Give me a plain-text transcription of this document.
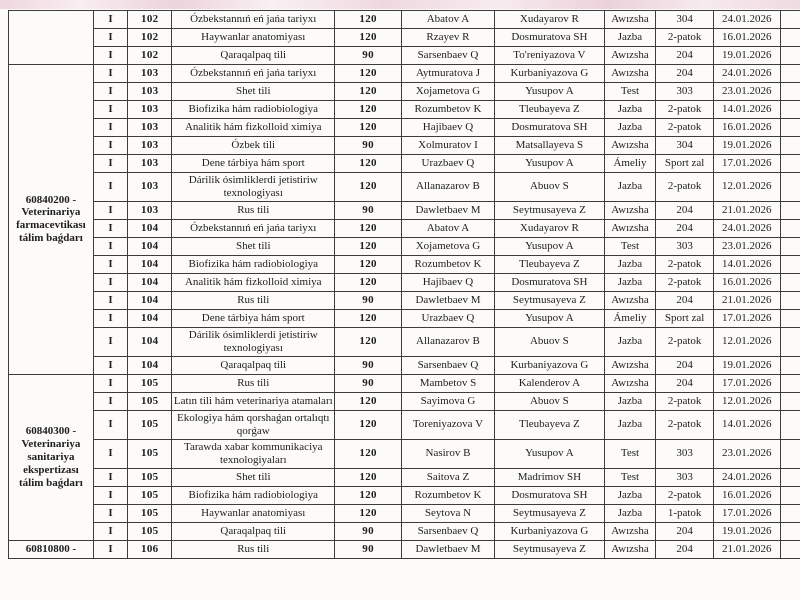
	I	102	Ózbekstannıń eń jańa tariyxı	120	Abatov A	Xudayarov R	Awızsha	304	24.01.2026	
	I	102	Haywanlar anatomiyası	120	Rzayev R	Dosmuratova SH	Jazba	2-patok	16.01.2026	
	I	102	Qaraqalpaq tili	90	Sarsenbaev Q	To'reniyazova V	Awızsha	204	19.01.2026	
60840200 - Veterinariya farmacevtikası tálim baǵdarı	I	103	Ózbekstannıń eń jańa tariyxı	120	Aytmuratova J	Kurbaniyazova G	Awızsha	204	24.01.2026	
	I	103	Shet tili	120	Xojametova G	Yusupov A	Test	303	23.01.2026	
	I	103	Biofizika hám radiobiologiya	120	Rozumbetov K	Tleubayeva Z	Jazba	2-patok	14.01.2026	
	I	103	Analitik hám fizkolloid ximiya	120	Hajibaev Q	Dosmuratova SH	Jazba	2-patok	16.01.2026	
	I	103	Ózbek tili	90	Xolmuratov I	Matsallayeva S	Awızsha	304	19.01.2026	
	I	103	Dene tárbiya hám sport	120	Urazbaev Q	Yusupov A	Ámeliy	Sport zal	17.01.2026	
	I	103	Dárilik ósimliklerdi jetistiriw texnologiyası	120	Allanazarov B	Abuov S	Jazba	2-patok	12.01.2026	
	I	103	Rus tili	90	Dawletbaev M	Seytmusayeva Z	Awızsha	204	21.01.2026	
	I	104	Ózbekstannıń eń jańa tariyxı	120	Abatov A	Xudayarov R	Awızsha	204	24.01.2026	
	I	104	Shet tili	120	Xojametova G	Yusupov A	Test	303	23.01.2026	
	I	104	Biofizika hám radiobiologiya	120	Rozumbetov K	Tleubayeva Z	Jazba	2-patok	14.01.2026	
	I	104	Analitik hám fizkolloid ximiya	120	Hajibaev Q	Dosmuratova SH	Jazba	2-patok	16.01.2026	
	I	104	Rus tili	90	Dawletbaev M	Seytmusayeva Z	Awızsha	204	21.01.2026	
	I	104	Dene tárbiya hám sport	120	Urazbaev Q	Yusupov A	Ámeliy	Sport zal	17.01.2026	
	I	104	Dárilik ósimliklerdi jetistiriw texnologiyası	120	Allanazarov B	Abuov S	Jazba	2-patok	12.01.2026	
	I	104	Qaraqalpaq tili	90	Sarsenbaev Q	Kurbaniyazova G	Awızsha	204	19.01.2026	
60840300 - Veterinariya sanitariya ekspertizası tálim baǵdarı	I	105	Rus tili	90	Mambetov S	Kalenderov A	Awızsha	204	17.01.2026	
	I	105	Latın tili hám veterinariya atamaları	120	Sayimova G	Abuov S	Jazba	2-patok	12.01.2026	
	I	105	Ekologiya hám qorshaǵan ortalıqtı qorǵaw	120	Toreniyazova V	Tleubayeva Z	Jazba	2-patok	14.01.2026	
	I	105	Tarawda xabar kommunikaciya texnologiyaları	120	Nasirov B	Yusupov A	Test	303	23.01.2026	
	I	105	Shet tili	120	Saitova Z	Madrimov SH	Test	303	24.01.2026	
	I	105	Biofizika hám radiobiologiya	120	Rozumbetov K	Dosmuratova SH	Jazba	2-patok	16.01.2026	
	I	105	Haywanlar anatomiyası	120	Seytova N	Seytmusayeva Z	Jazba	1-patok	17.01.2026	
	I	105	Qaraqalpaq tili	90	Sarsenbaev Q	Kurbaniyazova G	Awızsha	204	19.01.2026	
60810800 -	I	106	Rus tili	90	Dawletbaev M	Seytmusayeva Z	Awızsha	204	21.01.2026	
